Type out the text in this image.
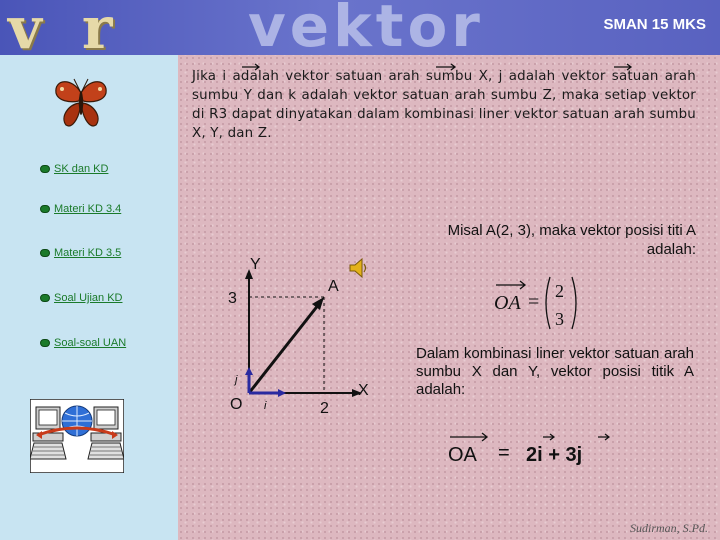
v r vektor	SMAN 15 MKS
SK dan KD
Materi KD 3.4
Materi KD 3.5
Soal Ujian KD
Soal-soal UAN

Jika i adalah vektor satuan arah sumbu X, j adalah vektor satuan arah sumbu Y dan k adalah vektor satuan arah sumbu Z, maka setiap vektor di R3 dapat dinyatakan dalam kombinasi liner vektor satuan arah sumbu X, Y, dan Z.

Y
X
O
A
3
2
j
i
Misal A(2, 3), maka vektor posisi titi A adalah:
OA = 2
3
Dalam kombinasi liner vektor satuan arah sumbu X dan Y, vektor posisi titik A adalah:
OA = 2i + 3j
Sudirman, S.Pd.
